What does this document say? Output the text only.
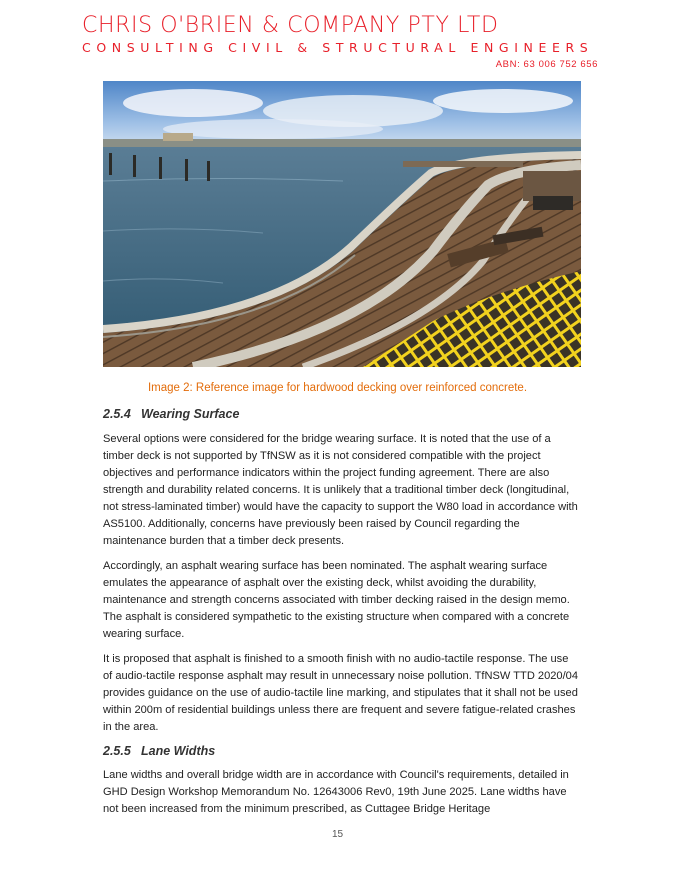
CHRIS O'BRIEN & COMPANY PTY LTD
CONSULTING CIVIL & STRUCTURAL ENGINEERS
ABN: 63 006 752 656
Image 2: Reference image for hardwood decking over reinforced concrete.
2.5.4 Wearing Surface

Several options were considered for the bridge wearing surface. It is noted that the use of a timber deck is not supported by TfNSW as it is not considered compatible with the project objectives and performance indicators within the project funding agreement. There are also strength and durability related concerns. It is unlikely that a traditional timber deck (longitudinal, not stress-laminated timber) would have the capacity to support the W80 load in accordance with AS5100. Additionally, concerns have previously been raised by Council regarding the maintenance burden that a timber deck presents.

Accordingly, an asphalt wearing surface has been nominated. The asphalt wearing surface emulates the appearance of asphalt over the existing deck, whilst avoiding the durability, maintenance and strength concerns associated with timber decking raised in the design memo. The asphalt is considered sympathetic to the existing structure when compared with a concrete wearing surface.

It is proposed that asphalt is finished to a smooth finish with no audio-tactile response. The use of audio-tactile response asphalt may result in unnecessary noise pollution. TfNSW TTD 2020/04 provides guidance on the use of audio-tactile line marking, and stipulates that it shall not be used within 200m of residential buildings unless there are frequent and severe fatigue-related crashes in the area.

2.5.5 Lane Widths

Lane widths and overall bridge width are in accordance with Council's requirements, detailed in GHD Design Workshop Memorandum No. 12643006 Rev0, 19th June 2025. Lane widths have not been increased from the minimum prescribed, as Cuttagee Bridge Heritage

15
